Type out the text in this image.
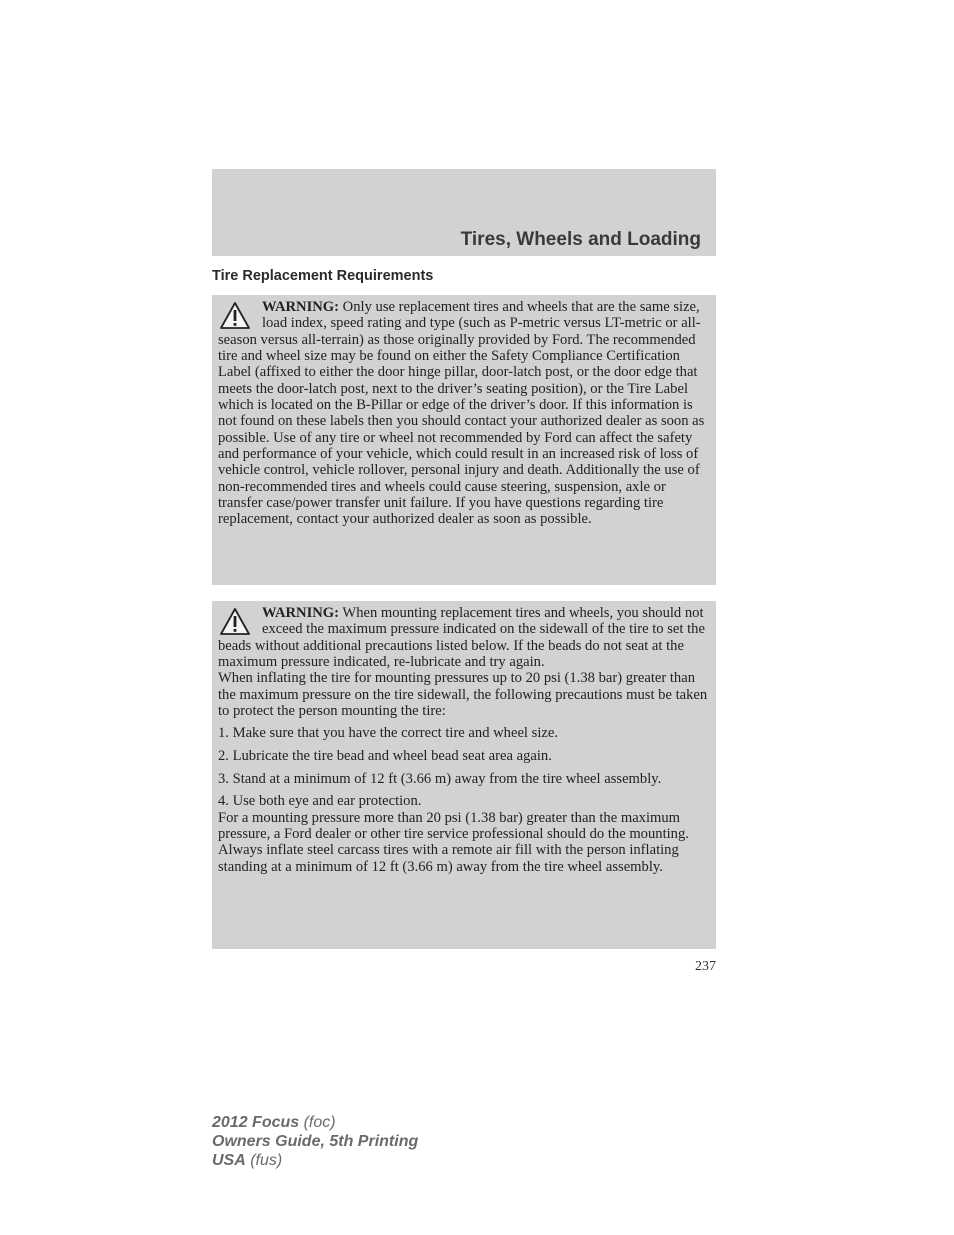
Tires, Wheels and Loading
Tire Replacement Requirements

WARNING: Only use replacement tires and wheels that are the same size, load index, speed rating and type (such as P-metric versus LT-metric or all-season versus all-terrain) as those originally provided by Ford. The recommended tire and wheel size may be found on either the Safety Compliance Certification Label (affixed to either the door hinge pillar, door-latch post, or the door edge that meets the door-latch post, next to the driver’s seating position), or the Tire Label which is located on the B-Pillar or edge of the driver’s door. If this information is not found on these labels then you should contact your authorized dealer as soon as possible. Use of any tire or wheel not recommended by Ford can affect the safety and performance of your vehicle, which could result in an increased risk of loss of vehicle control, vehicle rollover, personal injury and death. Additionally the use of non-recommended tires and wheels could cause steering, suspension, axle or transfer case/power transfer unit failure. If you have questions regarding tire replacement, contact your authorized dealer as soon as possible.

WARNING: When mounting replacement tires and wheels, you should not exceed the maximum pressure indicated on the sidewall of the tire to set the beads without additional precautions listed below. If the beads do not seat at the maximum pressure indicated, re-lubricate and try again.

When inflating the tire for mounting pressures up to 20 psi (1.38 bar) greater than the maximum pressure on the tire sidewall, the following precautions must be taken to protect the person mounting the tire:

1. Make sure that you have the correct tire and wheel size.

2. Lubricate the tire bead and wheel bead seat area again.

3. Stand at a minimum of 12 ft (3.66 m) away from the tire wheel assembly.

4. Use both eye and ear protection.

For a mounting pressure more than 20 psi (1.38 bar) greater than the maximum pressure, a Ford dealer or other tire service professional should do the mounting.

Always inflate steel carcass tires with a remote air fill with the person inflating standing at a minimum of 12 ft (3.66 m) away from the tire wheel assembly.

237
2012 Focus (foc)
Owners Guide, 5th Printing
USA (fus)
